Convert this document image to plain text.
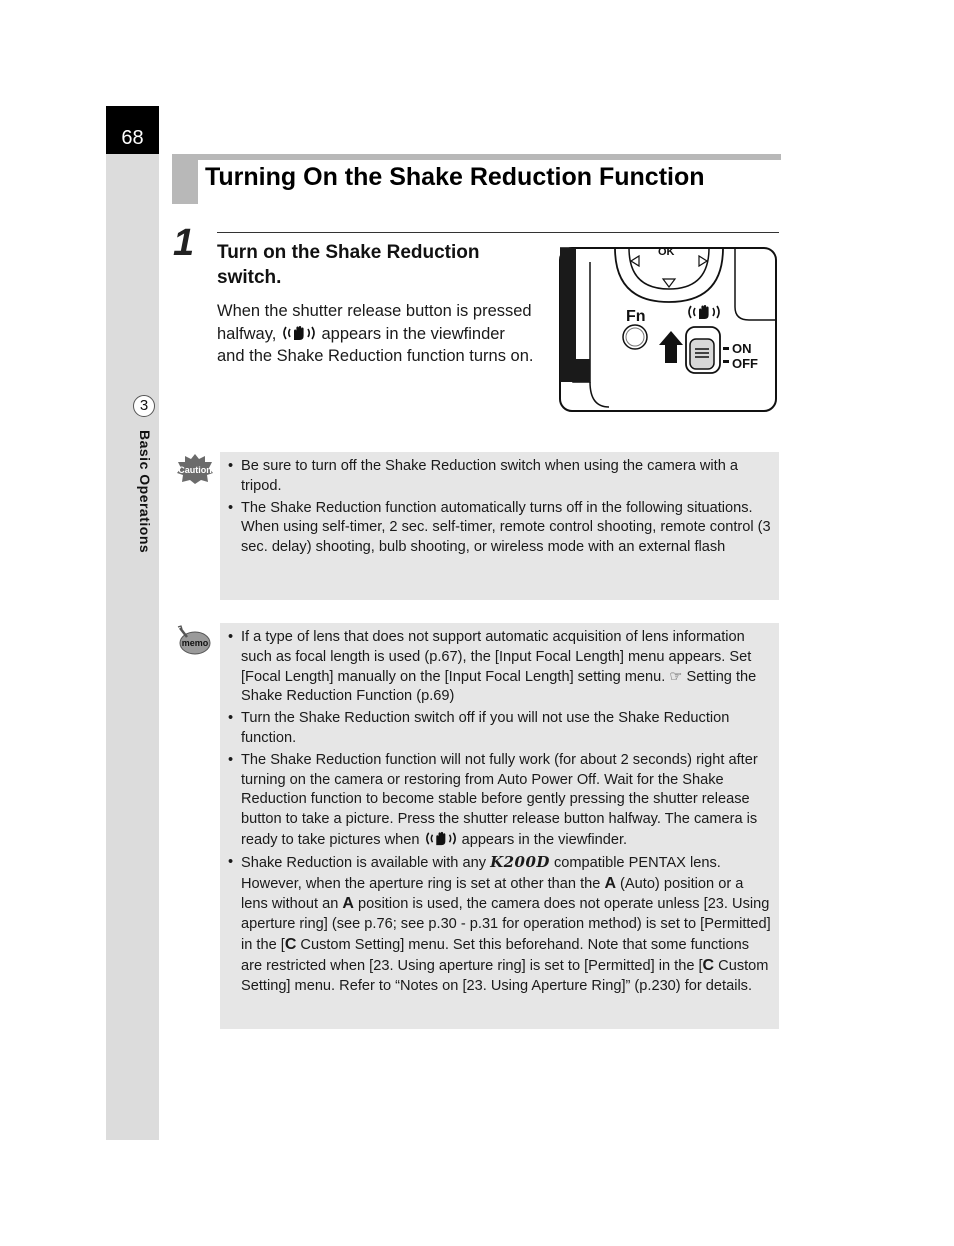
68
3
Basic Operations
Turning On the Shake Reduction Function
1 Turn on the Shake Reduction switch.
When the shutter release button is pressed halfway,  appears in the viewfinder and the Shake Reduction function turns on.
OK
Fn
ON
OFF
Caution	• Be sure to turn off the Shake Reduction switch when using the camera with a tripod.
• The Shake Reduction function automatically turns off in the following situations.
When using self-timer, 2 sec. self-timer, remote control shooting, remote control (3 sec. delay) shooting, bulb shooting, or wireless mode with an external flash
memo	• If a type of lens that does not support automatic acquisition of lens information such as focal length is used (p.67), the [Input Focal Length] menu appears. Set [Focal Length] manually on the [Input Focal Length] setting menu. ☞ Setting the Shake Reduction Function (p.69)
• Turn the Shake Reduction switch off if you will not use the Shake Reduction function.
• The Shake Reduction function will not fully work (for about 2 seconds) right after turning on the camera or restoring from Auto Power Off. Wait for the Shake Reduction function to become stable before gently pressing the shutter release button to take a picture. Press the shutter release button halfway. The camera is ready to take pictures when  appears in the viewfinder.
• Shake Reduction is available with any K200D compatible PENTAX lens. However, when the aperture ring is set at other than the A (Auto) position or a lens without an A position is used, the camera does not operate unless [23. Using aperture ring] (see p.76; see p.30 - p.31 for operation method) is set to [Permitted] in the [C Custom Setting] menu. Set this beforehand. Note that some functions are restricted when [23. Using aperture ring] is set to [Permitted] in the [C Custom Setting] menu. Refer to “Notes on [23. Using Aperture Ring]” (p.230) for details.
